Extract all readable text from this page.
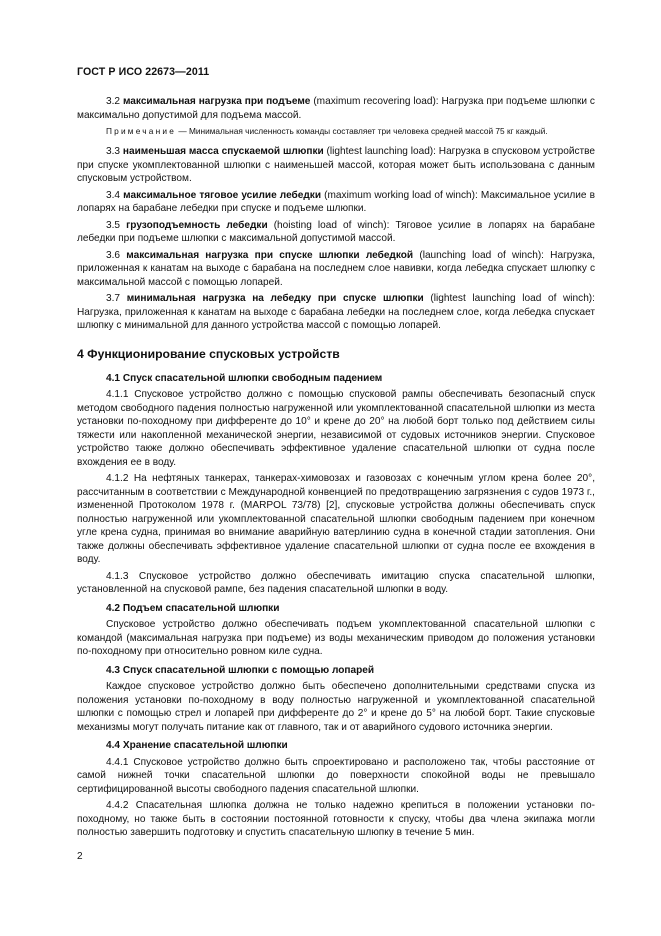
ГОСТ Р ИСО 22673—2011

3.2 максимальная нагрузка при подъеме (maximum recovering load): Нагрузка при подъеме шлюпки с максимально допустимой для подъема массой.

Примечание — Минимальная численность команды составляет три человека средней массой 75 кг каждый.

3.3 наименьшая масса спускаемой шлюпки (lightest launching load): Нагрузка в спусковом устройстве при спуске укомплектованной шлюпки с наименьшей массой, которая может быть использована с данным спусковым устройством.

3.4 максимальное тяговое усилие лебедки (maximum working load of winch): Максимальное усилие в лопарях на барабане лебедки при спуске и подъеме шлюпки.

3.5 грузоподъемность лебедки (hoisting load of winch): Тяговое усилие в лопарях на барабане лебедки при подъеме шлюпки с максимальной допустимой массой.

3.6 максимальная нагрузка при спуске шлюпки лебедкой (launching load of winch): Нагрузка, приложенная к канатам на выходе с барабана на последнем слое навивки, когда лебедка спускает шлюпку с максимальной массой с помощью лопарей.

3.7 минимальная нагрузка на лебедку при спуске шлюпки (lightest launching load of winch): Нагрузка, приложенная к канатам на выходе с барабана лебедки на последнем слое, когда лебедка спускает шлюпку с минимальной для данного устройства массой с помощью лопарей.

4 Функционирование спусковых устройств
4.1 Спуск спасательной шлюпки свободным падением

4.1.1 Спусковое устройство должно с помощью спусковой рампы обеспечивать безопасный спуск методом свободного падения полностью нагруженной или укомплектованной спасательной шлюпки из места установки по-походному при дифференте до 10° и крене до 20° на любой борт только под действием силы тяжести или накопленной механической энергии, независимой от судовых источников энергии. Спусковое устройство также должно обеспечивать эффективное удаление спасательной шлюпки от судна после вхождения ее в воду.

4.1.2 На нефтяных танкерах, танкерах-химовозах и газовозах с конечным углом крена более 20°, рассчитанным в соответствии с Международной конвенцией по предотвращению загрязнения с судов 1973 г., измененной Протоколом 1978 г. (MARPOL 73/78) [2], спусковые устройства должны обеспечивать спуск полностью нагруженной или укомплектованной спасательной шлюпки свободным падением при конечном угле крена судна, принимая во внимание аварийную ватерлинию судна в конечной стадии затопления. Они также должны обеспечивать эффективное удаление спасательной шлюпки от судна после ее вхождения в воду.

4.1.3 Спусковое устройство должно обеспечивать имитацию спуска спасательной шлюпки, установленной на спусковой рампе, без падения спасательной шлюпки в воду.

4.2 Подъем спасательной шлюпки

Спусковое устройство должно обеспечивать подъем укомплектованной спасательной шлюпки с командой (максимальная нагрузка при подъеме) из воды механическим приводом до положения установки по-походному при относительно ровном киле судна.

4.3 Спуск спасательной шлюпки с помощью лопарей

Каждое спусковое устройство должно быть обеспечено дополнительными средствами спуска из положения установки по-походному в воду полностью нагруженной и укомплектованной спасательной шлюпки с помощью стрел и лопарей при дифференте до 2° и крене до 5° на любой борт. Такие спусковые механизмы могут получать питание как от главного, так и от аварийного судового источника энергии.

4.4 Хранение спасательной шлюпки

4.4.1 Спусковое устройство должно быть спроектировано и расположено так, чтобы расстояние от самой нижней точки спасательной шлюпки до поверхности спокойной воды не превышало сертифицированной высоты свободного падения спасательной шлюпки.

4.4.2 Спасательная шлюпка должна не только надежно крепиться в положении установки по-походному, но также быть в состоянии постоянной готовности к спуску, чтобы два члена экипажа могли полностью завершить подготовку и спустить спасательную шлюпку в течение 5 мин.

2
